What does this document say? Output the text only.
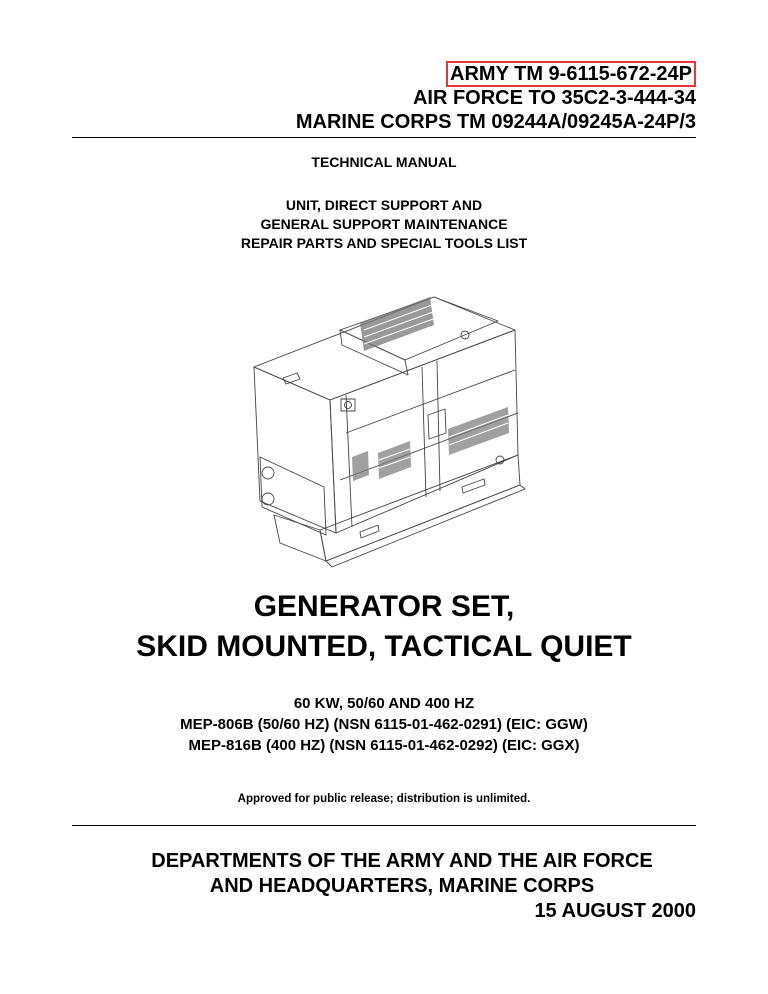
ARMY TM 9-6115-672-24P

AIR FORCE TO 35C2-3-444-34

MARINE CORPS TM 09244A/09245A-24P/3

TECHNICAL MANUAL

UNIT, DIRECT SUPPORT AND
GENERAL SUPPORT MAINTENANCE
REPAIR PARTS AND SPECIAL TOOLS LIST
GENERATOR SET,
SKID MOUNTED, TACTICAL QUIET
60 KW, 50/60 AND 400 HZ
MEP-806B (50/60 HZ) (NSN 6115-01-462-0291) (EIC: GGW)
MEP-816B (400 HZ) (NSN 6115-01-462-0292) (EIC: GGX)

Approved for public release; distribution is unlimited.

DEPARTMENTS OF THE ARMY AND THE AIR FORCE
AND HEADQUARTERS, MARINE CORPS
15 AUGUST 2000
